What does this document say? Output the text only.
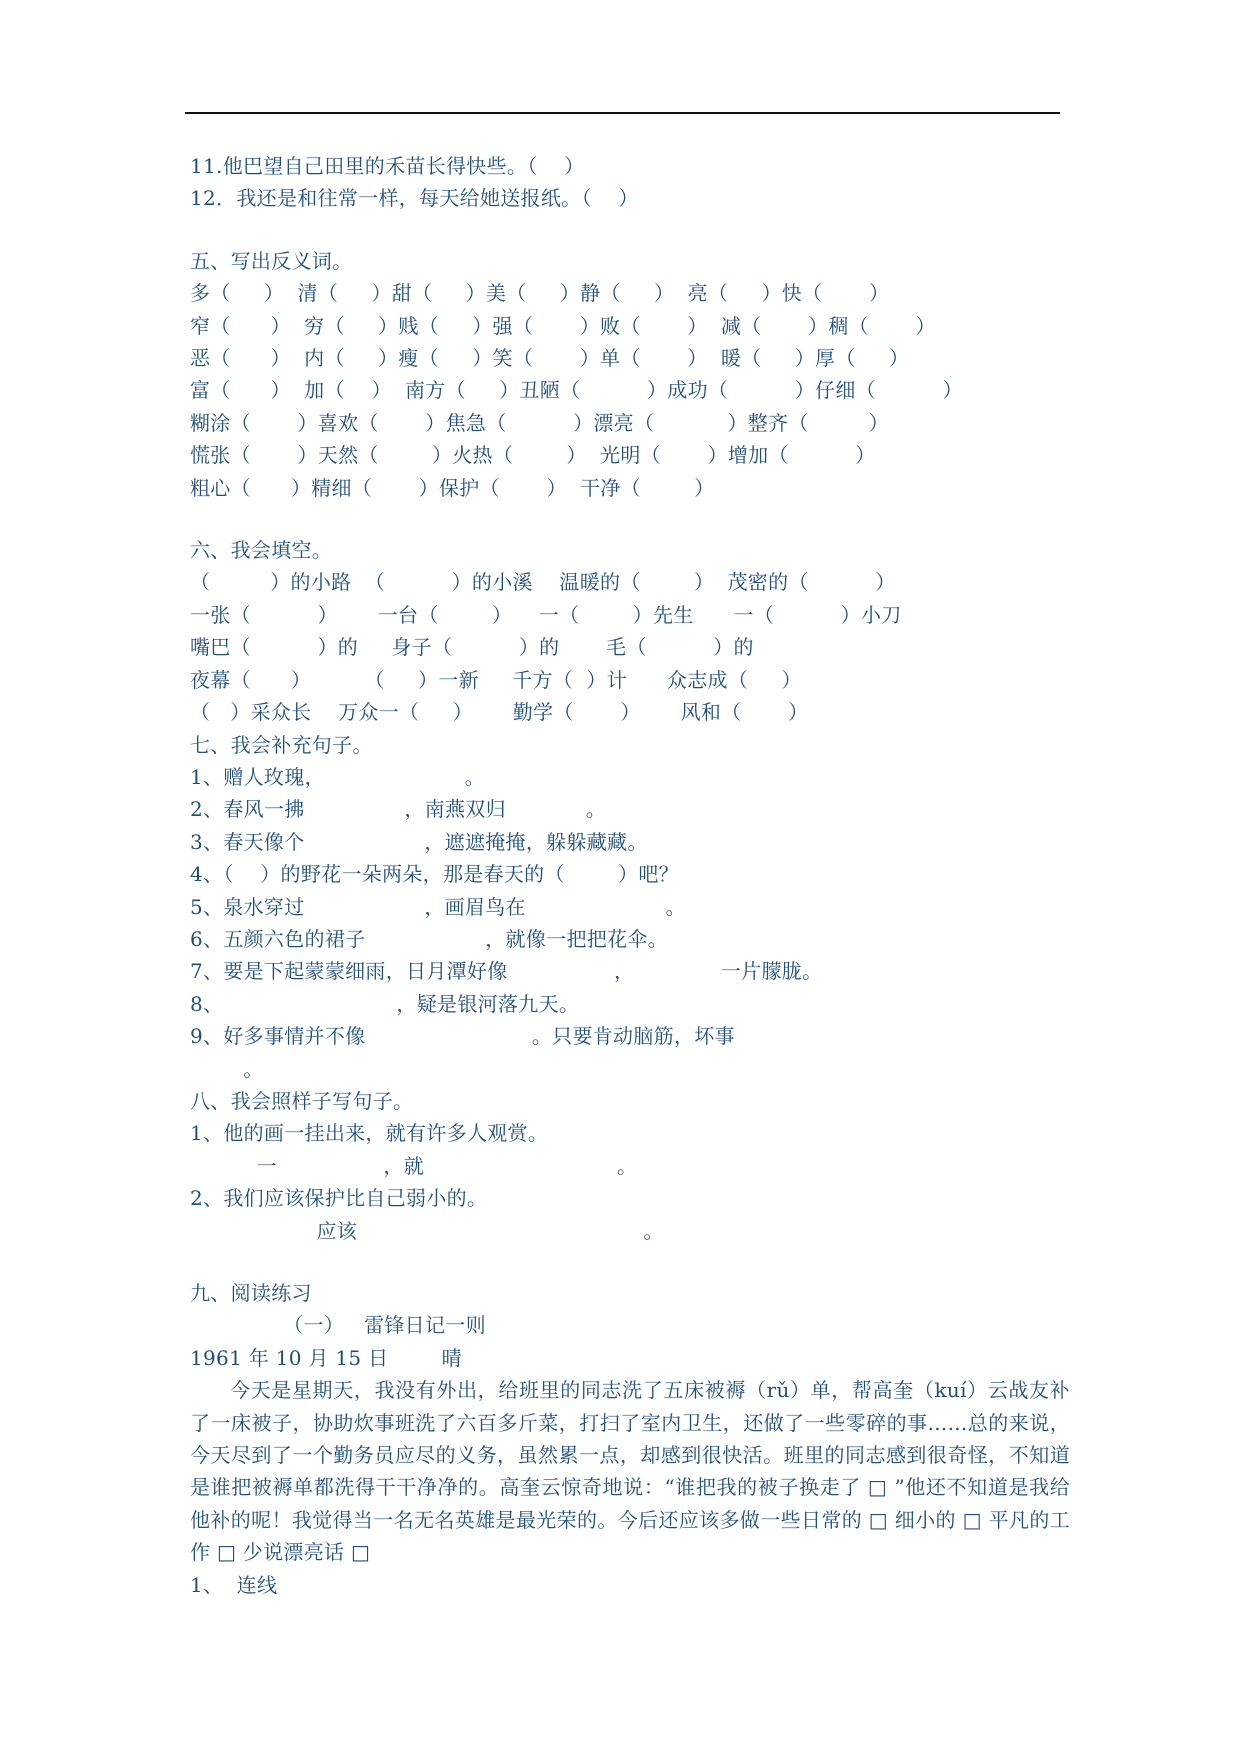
11.他巴望自己田里的禾苗长得快些。（    ）
12．我还是和往常一样，每天给她送报纸。（    ）
五、写出反义词。
多（     ）  清（     ）甜（     ）美（     ）静（     ）  亮（     ）快（       ）
窄（      ）  穷（     ）贱（     ）强（       ）败（       ）  减（       ）稠（       ）
恶（      ）  内（     ）瘦（     ）笑（       ）单（       ）  暖（     ）厚（     ）
富（      ）  加（    ）  南方（     ）丑陋（          ）成功（          ）仔细（          ）
糊涂（       ）喜欢（       ）焦急（          ）漂亮（           ）整齐（         ）
慌张（       ）天然（        ）火热（        ）  光明（       ）增加（          ）
粗心（      ）精细（       ）保护（       ）  干净（        ）
六、我会填空。
（         ）的小路  （          ）的小溪    温暖的（        ）  茂密的（          ）
一张（          ）      一台（        ）    一（        ）先生      一（          ）小刀
嘴巴（          ）的     身子（          ）的       毛（          ）的
夜幕（      ）        （     ）一新     千方（  ）计      众志成（     ）
（   ）采众长    万众一（     ）      勤学（       ）      风和（       ）
七、我会补充句子。
1、赠人玫瑰，                     。
2、春风一拂               ，南燕双归            。
3、春天像个                  ，遮遮掩掩，躲躲藏藏。
4、（    ）的野花一朵两朵，那是春天的（        ）吧？
5、泉水穿过                  ，画眉鸟在                     。
6、五颜六色的裙子                  ，就像一把把花伞。
7、要是下起蒙蒙细雨，日月潭好像                ，             一片朦胧。
8、                          ，疑是银河落九天。
9、好多事情并不像                         。只要肯动脑筋，坏事
。
八、我会照样子写句子。
1、他的画一挂出来，就有许多人观赏。
一                ，就                             。
2、我们应该保护比自己弱小的。
应该                                           。
九、阅读练习
（一）   雷锋日记一则
1961 年 10 月 15 日        晴
今天是星期天，我没有外出，给班里的同志洗了五床被褥（rǔ）单，帮高奎（kuí）云战友补了一床被子，协助炊事班洗了六百多斤菜，打扫了室内卫生，还做了一些零碎的事......总的来说，今天尽到了一个勤务员应尽的义务，虽然累一点，却感到很快活。班里的同志感到很奇怪，不知道是谁把被褥单都洗得干干净净的。高奎云惊奇地说：“谁把我的被子换走了 □ ”他还不知道是我给他补的呢！我觉得当一名无名英雄是最光荣的。今后还应该多做一些日常的 □ 细小的 □ 平凡的工作 □ 少说漂亮话 □
1、  连线
